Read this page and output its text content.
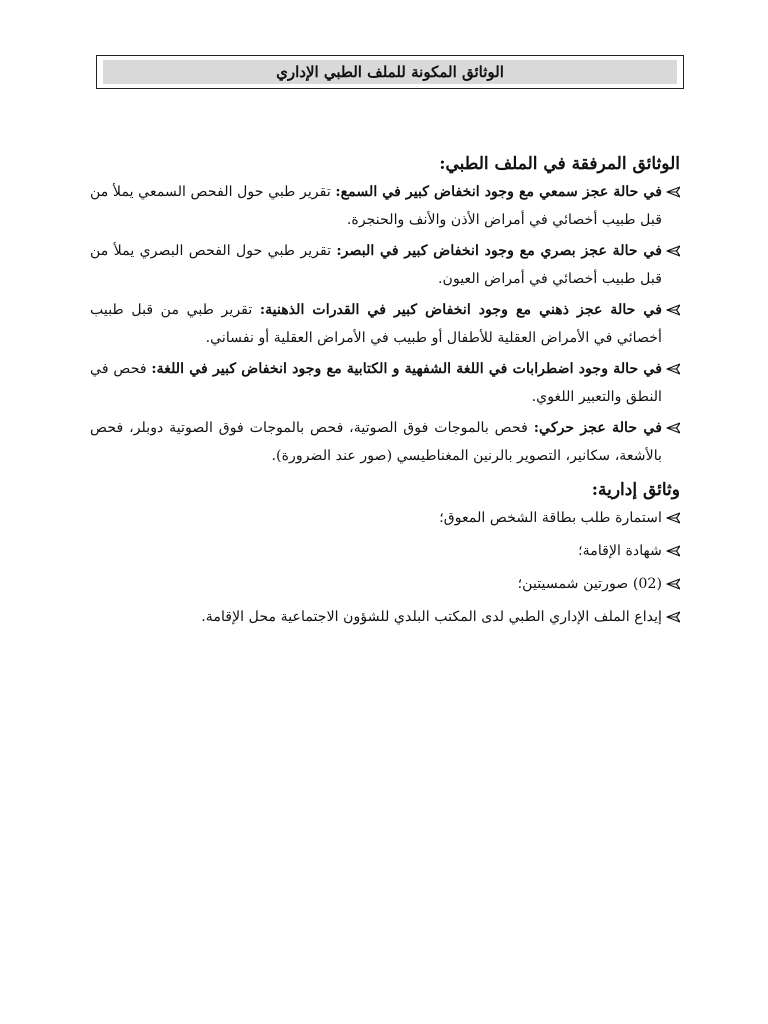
الوثائق المكونة للملف الطبي الإداري
الوثائق المرفقة في الملف الطبي:
في حالة عجز سمعي مع وجود انخفاض كبير في السمع: تقرير طبي حول الفحص السمعي يملأ من قبل طبيب أخصائي في أمراض الأذن والأنف والحنجرة.
في حالة عجز بصري مع وجود انخفاض كبير في البصر: تقرير طبي حول الفحص البصري يملأ من قبل طبيب أخصائي في أمراض العيون.
في حالة عجز ذهني مع وجود انخفاض كبير في القدرات الذهنية: تقرير طبي من قبل طبيب أخصائي في الأمراض العقلية للأطفال أو طبيب في الأمراض العقلية أو نفساني.
في حالة وجود اضطرابات في اللغة الشفهية و الكتابية مع وجود انخفاض كبير في اللغة: فحص في النطق والتعبير اللغوي.
في حالة عجز حركي: فحص بالموجات فوق الصوتية، فحص بالموجات فوق الصوتية دوبلر، فحص بالأشعة، سكانير، التصوير بالرنين المغناطيسي (صور عند الضرورة).
وثائق إدارية:
استمارة طلب بطاقة الشخص المعوق؛
شهادة الإقامة؛
(02) صورتين شمسيتين؛
إيداع الملف الإداري الطبي لدى المكتب البلدي للشؤون الاجتماعية محل الإقامة.
